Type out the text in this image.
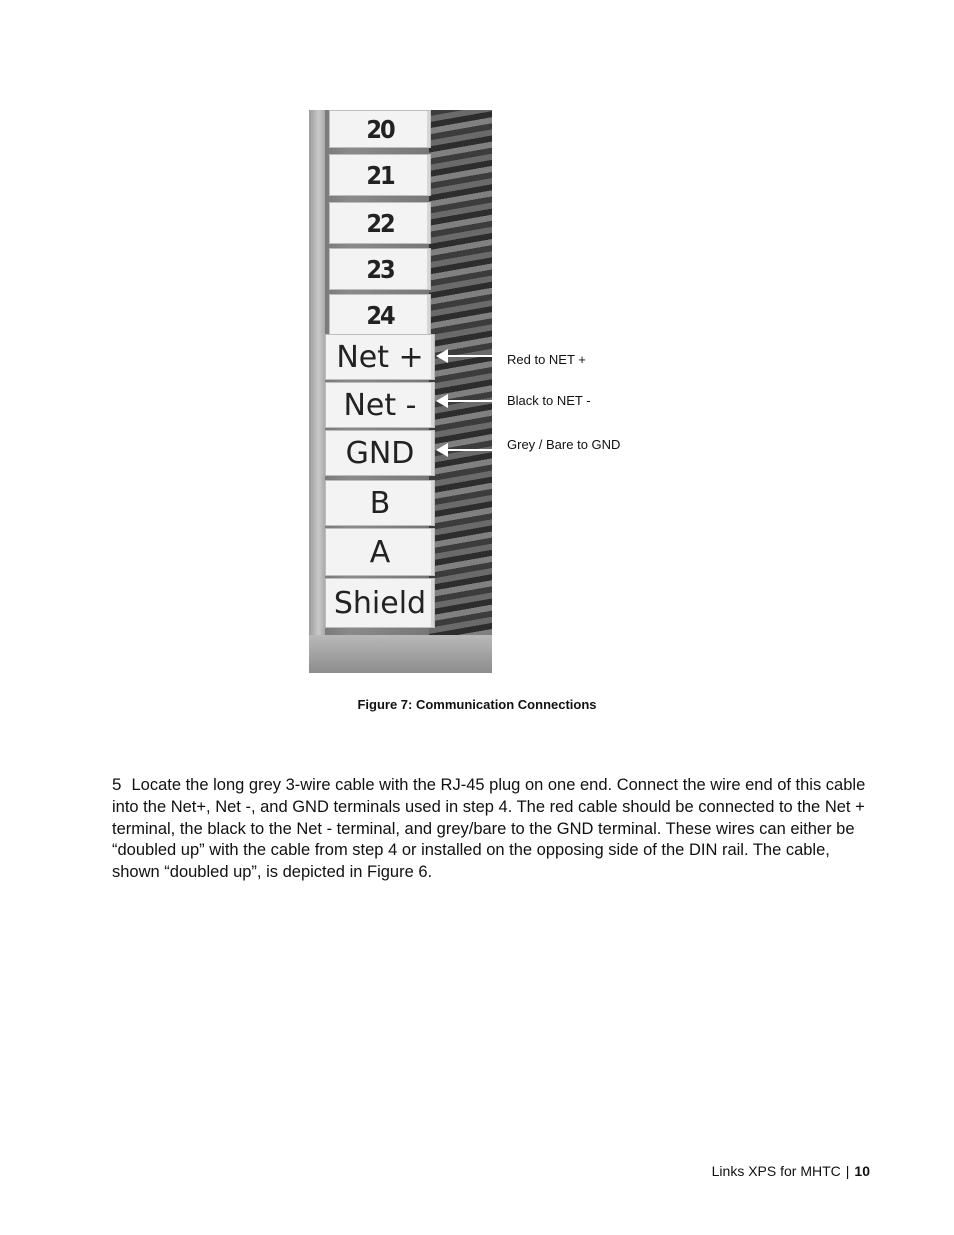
20
21
22
23
24
Net +
Net -
GND
B
A
Shield
Red to NET +
Black to NET -
Grey / Bare to GND
Figure 7: Communication Connections
5 Locate the long grey 3-wire cable with the RJ-45 plug on one end. Connect the wire end of this cable into the Net+, Net -, and GND terminals used in step 4. The red cable should be connected to the Net + terminal, the black to the Net - terminal, and grey/bare to the GND terminal. These wires can either be “doubled up” with the cable from step 4 or installed on the opposing side of the DIN rail. The cable, shown “doubled up”, is depicted in Figure 6.
Links XPS for MHTC | 10
